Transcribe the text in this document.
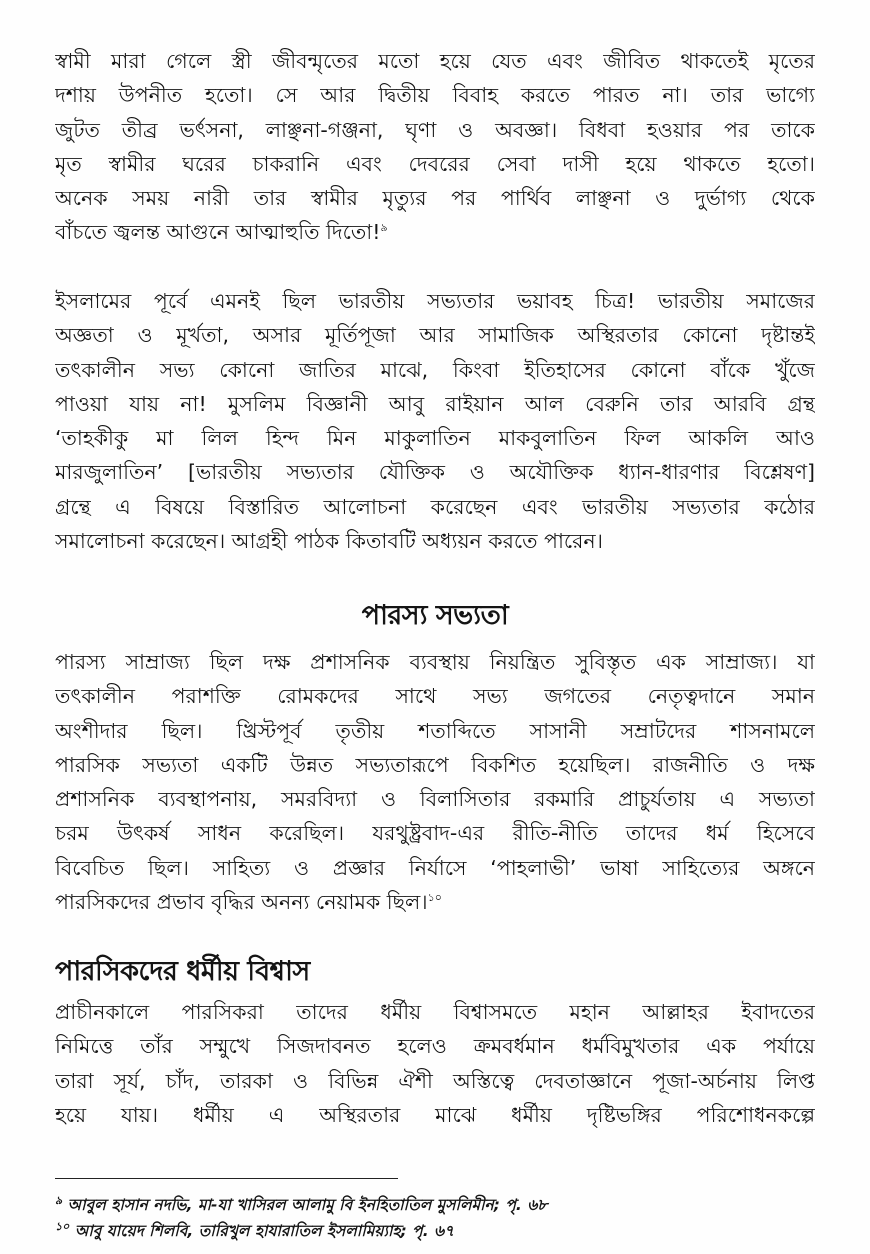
স্বামী মারা গেলে স্ত্রী জীবন্মৃতের মতো হয়ে যেত এবং জীবিত থাকতেই মৃতের
দশায় উপনীত হতো। সে আর দ্বিতীয় বিবাহ করতে পারত না। তার ভাগ্যে
জুটত তীব্র ভর্ৎসনা, লাঞ্ছনা-গঞ্জনা, ঘৃণা ও অবজ্ঞা। বিধবা হওয়ার পর তাকে
মৃত স্বামীর ঘরের চাকরানি এবং দেবরের সেবা দাসী হয়ে থাকতে হতো।
অনেক সময় নারী তার স্বামীর মৃত্যুর পর পার্থিব লাঞ্ছনা ও দুর্ভাগ্য থেকে
বাঁচতে জ্বলন্ত আগুনে আত্মাহুতি দিতো!$^৯$
ইসলামের পূর্বে এমনই ছিল ভারতীয় সভ্যতার ভয়াবহ চিত্র! ভারতীয় সমাজের
অজ্ঞতা ও মূর্খতা, অসার মূর্তিপূজা আর সামাজিক অস্থিরতার কোনো দৃষ্টান্তই
তৎকালীন সভ্য কোনো জাতির মাঝে, কিংবা ইতিহাসের কোনো বাঁকে খুঁজে
পাওয়া যায় না! মুসলিম বিজ্ঞানী আবু রাইয়ান আল বেরুনি তার আরবি গ্রন্থ
‘তাহকীকু মা লিল হিন্দ মিন মাকুলাতিন মাকবুলাতিন ফিল আকলি আও
মারজুলাতিন’ [ভারতীয় সভ্যতার যৌক্তিক ও অযৌক্তিক ধ্যান-ধারণার বিশ্লেষণ]
গ্রন্থে এ বিষয়ে বিস্তারিত আলোচনা করেছেন এবং ভারতীয় সভ্যতার কঠোর
সমালোচনা করেছেন। আগ্রহী পাঠক কিতাবটি অধ্যয়ন করতে পারেন।
পারস্য সভ্যতা
পারস্য সাম্রাজ্য ছিল দক্ষ প্রশাসনিক ব্যবস্থায় নিয়ন্ত্রিত সুবিস্তৃত এক সাম্রাজ্য। যা
তৎকালীন পরাশক্তি রোমকদের সাথে সভ্য জগতের নেতৃত্বদানে সমান
অংশীদার ছিল। খ্রিস্টপূর্ব তৃতীয় শতাব্দিতে সাসানী সম্রাটদের শাসনামলে
পারসিক সভ্যতা একটি উন্নত সভ্যতারূপে বিকশিত হয়েছিল। রাজনীতি ও দক্ষ
প্রশাসনিক ব্যবস্থাপনায়, সমরবিদ্যা ও বিলাসিতার রকমারি প্রাচুর্যতায় এ সভ্যতা
চরম উৎকর্ষ সাধন করেছিল। যরথুষ্ট্রবাদ-এর রীতি-নীতি তাদের ধর্ম হিসেবে
বিবেচিত ছিল। সাহিত্য ও প্রজ্ঞার নির্যাসে ‘পাহলাভী’ ভাষা সাহিত্যের অঙ্গনে
পারসিকদের প্রভাব বৃদ্ধির অনন্য নেয়ামক ছিল।$^{১০}$
পারসিকদের ধর্মীয় বিশ্বাস
প্রাচীনকালে পারসিকরা তাদের ধর্মীয় বিশ্বাসমতে মহান আল্লাহর ইবাদতের
নিমিত্তে তাঁর সম্মুখে সিজদাবনত হলেও ক্রমবর্ধমান ধর্মবিমুখতার এক পর্যায়ে
তারা সূর্য, চাঁদ, তারকা ও বিভিন্ন ঐশী অস্তিত্বে দেবতাজ্ঞানে পূজা-অর্চনায় লিপ্ত
হয়ে যায়। ধর্মীয় এ অস্থিরতার মাঝে ধর্মীয় দৃষ্টিভঙ্গির পরিশোধনকল্পে
$^৯$ আবুল হাসান নদভি, মা-যা খাসিরল আলামু বি ইনহিতাতিল মুসলিমীন; পৃ. ৬৮
$^{১০}$ আবু যায়েদ শিলবি, তারিখুল হাযারাতিল ইসলামিয়্যাহ; পৃ. ৬৭
